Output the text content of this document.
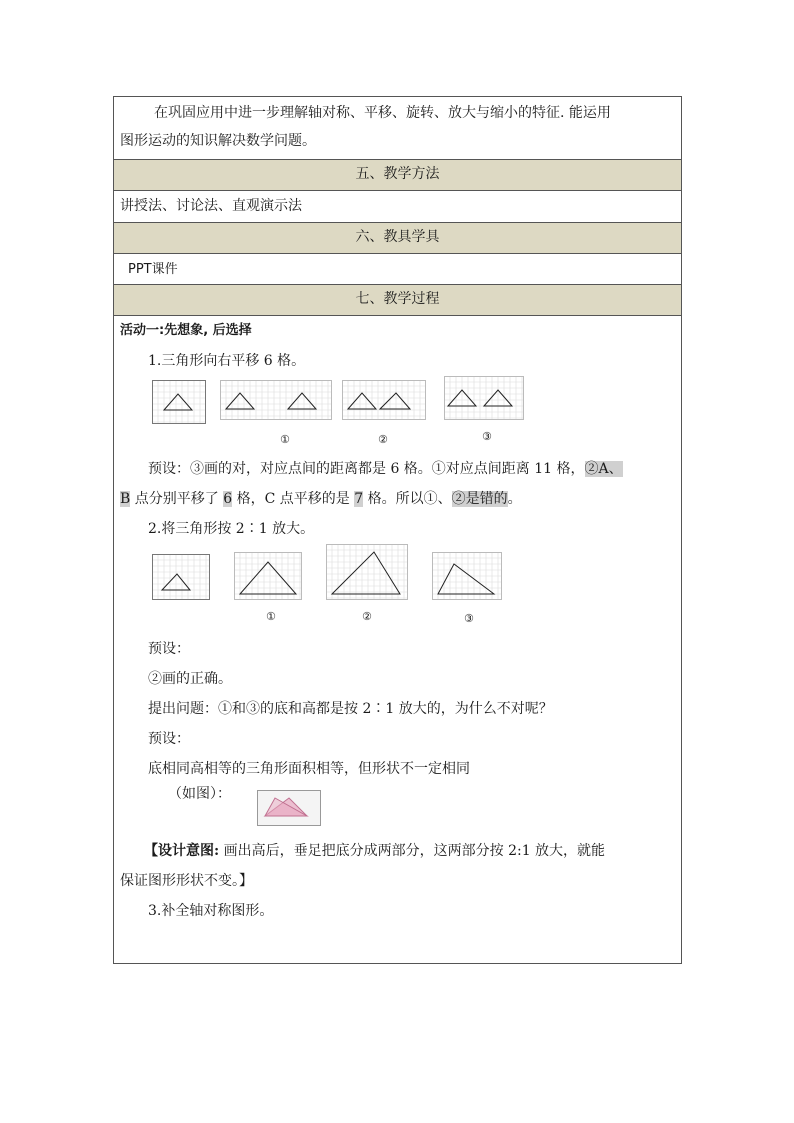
在巩固应用中进一步理解轴对称、平移、旋转、放大与缩小的特征. 能运用
图形运动的知识解决数学问题。
五、教学方法
讲授法、讨论法、直观演示法
六、教具学具
PPT课件
七、教学过程
活动一:先想象, 后选择
1.三角形向右平移 6 格。
①	②	③
预设：③画的对，对应点间的距离都是 6 格。①对应点间距离 11 格，②A、
B 点分别平移了 6 格，C 点平移的是 7 格。所以①、②是错的。
2.将三角形按 2∶1 放大。
①	②	③
预设：
②画的正确。
提出问题：①和③的底和高都是按 2∶1 放大的，为什么不对呢？
预设：
底相同高相等的三角形面积相等，但形状不一定相同
（如图）：
【设计意图: 画出高后，垂足把底分成两部分，这两部分按 2:1 放大，就能
保证图形形状不变。】
3.补全轴对称图形。
